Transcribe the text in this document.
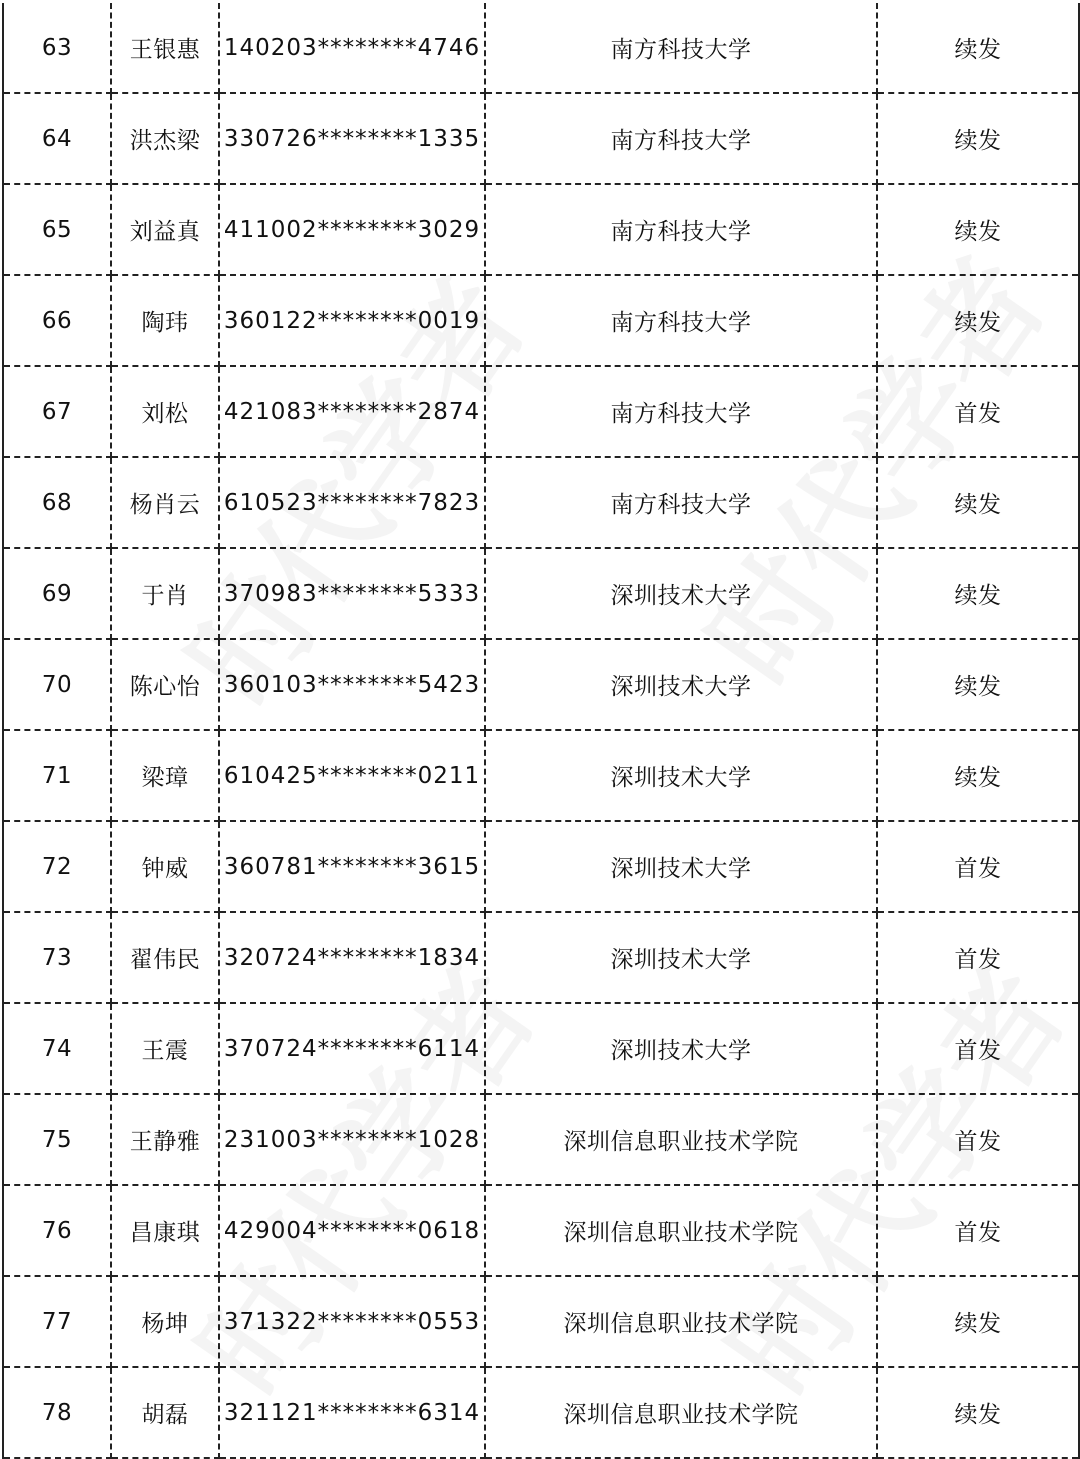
63	王银惠	140203********4746	南方科技大学	续发
64	洪杰梁	330726********1335	南方科技大学	续发
65	刘益真	411002********3029	南方科技大学	续发
66	陶玮	360122********0019	南方科技大学	续发
67	刘松	421083********2874	南方科技大学	首发
68	杨肖云	610523********7823	南方科技大学	续发
69	于肖	370983********5333	深圳技术大学	续发
70	陈心怡	360103********5423	深圳技术大学	续发
71	梁璋	610425********0211	深圳技术大学	续发
72	钟威	360781********3615	深圳技术大学	首发
73	翟伟民	320724********1834	深圳技术大学	首发
74	王震	370724********6114	深圳技术大学	首发
75	王静雅	231003********1028	深圳信息职业技术学院	首发
76	昌康琪	429004********0618	深圳信息职业技术学院	首发
77	杨坤	371322********0553	深圳信息职业技术学院	续发
78	胡磊	321121********6314	深圳信息职业技术学院	续发
